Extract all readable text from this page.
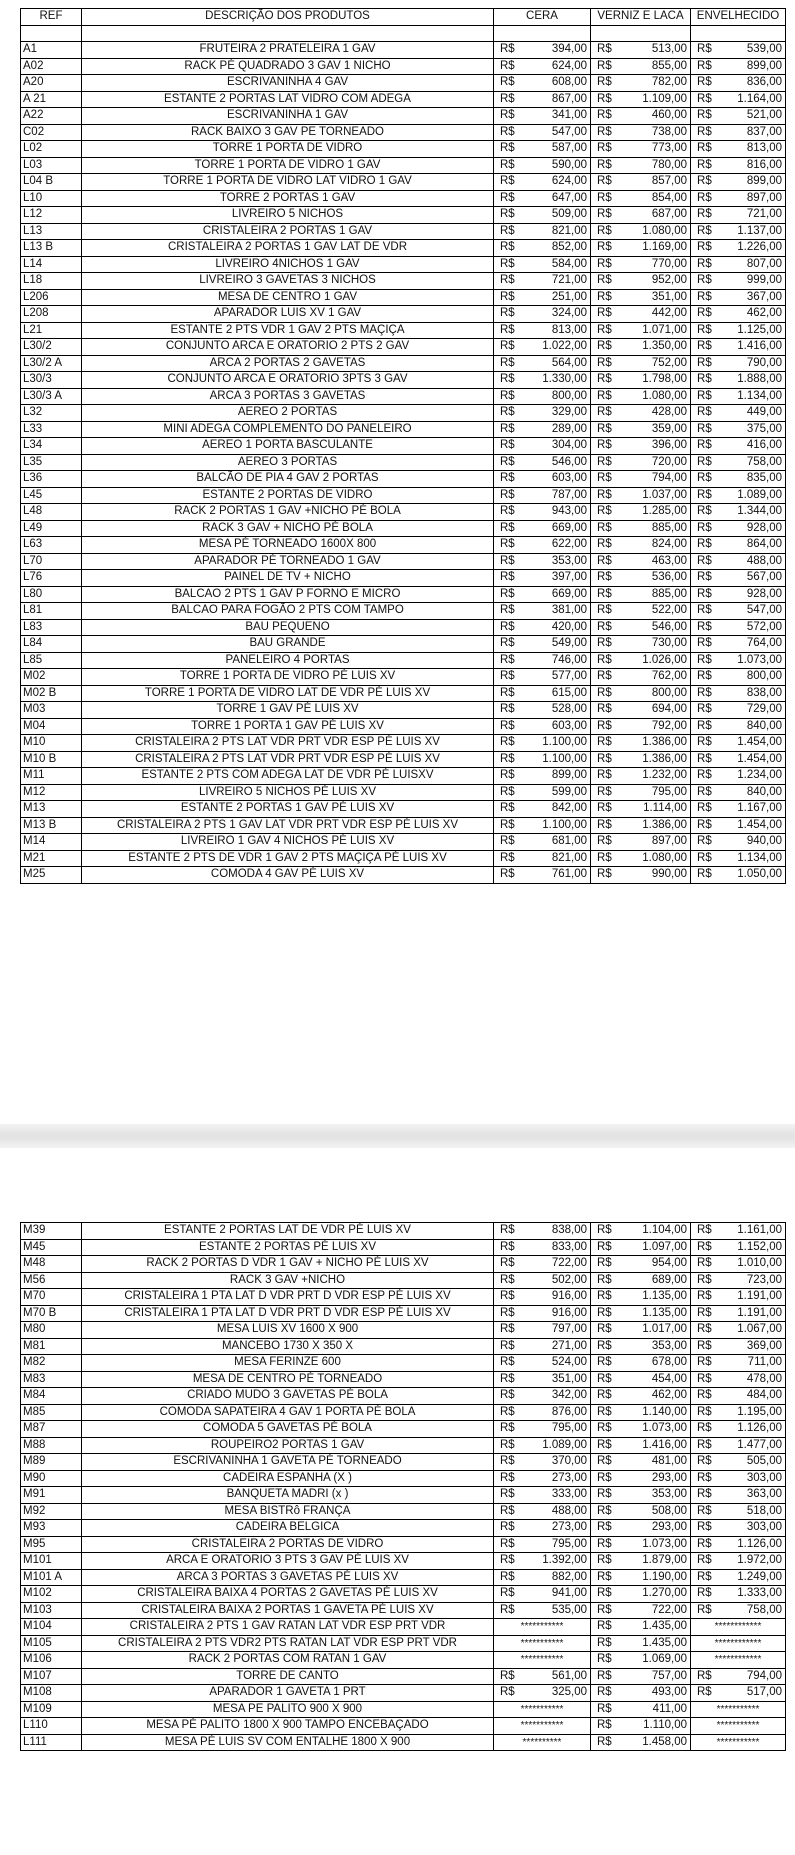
REF	DESCRIÇÃO DOS PRODUTOS	CERA		VERNIZ E LACA		ENVELHECIDO	

A1	FRUTEIRA 2 PRATELEIRA 1 GAV	R$	394,00	R$	513,00	R$	539,00
A02	RACK PÉ QUADRADO 3 GAV 1 NICHO	R$	624,00	R$	855,00	R$	899,00
A20	ESCRIVANINHA 4 GAV	R$	608,00	R$	782,00	R$	836,00
A 21	ESTANTE 2 PORTAS LAT VIDRO COM ADEGA	R$	867,00	R$	1.109,00	R$	1.164,00
A22	ESCRIVANINHA 1 GAV	R$	341,00	R$	460,00	R$	521,00
C02	RACK BAIXO 3 GAV PE TORNEADO	R$	547,00	R$	738,00	R$	837,00
L02	TORRE 1 PORTA DE VIDRO	R$	587,00	R$	773,00	R$	813,00
L03	TORRE 1 PORTA DE VIDRO 1 GAV	R$	590,00	R$	780,00	R$	816,00
L04 B	TORRE 1 PORTA DE VIDRO LAT VIDRO 1 GAV	R$	624,00	R$	857,00	R$	899,00
L10	TORRE 2 PORTAS 1 GAV	R$	647,00	R$	854,00	R$	897,00
L12	LIVREIRO 5 NICHOS	R$	509,00	R$	687,00	R$	721,00
L13	CRISTALEIRA 2 PORTAS 1 GAV	R$	821,00	R$	1.080,00	R$	1.137,00
L13 B	CRISTALEIRA 2 PORTAS 1 GAV LAT DE VDR	R$	852,00	R$	1.169,00	R$	1.226,00
L14	LIVREIRO 4NICHOS 1 GAV	R$	584,00	R$	770,00	R$	807,00
L18	LIVREIRO 3 GAVETAS 3 NICHOS	R$	721,00	R$	952,00	R$	999,00
L206	MESA DE CENTRO 1 GAV	R$	251,00	R$	351,00	R$	367,00
L208	APARADOR LUIS XV 1 GAV	R$	324,00	R$	442,00	R$	462,00
L21	ESTANTE 2 PTS VDR 1 GAV 2 PTS MAÇIÇA	R$	813,00	R$	1.071,00	R$	1.125,00
L30/2	CONJUNTO ARCA E ORATORIO 2 PTS 2 GAV	R$	1.022,00	R$	1.350,00	R$	1.416,00
L30/2 A	ARCA 2 PORTAS 2 GAVETAS	R$	564,00	R$	752,00	R$	790,00
L30/3	CONJUNTO ARCA E ORATORIO 3PTS 3 GAV	R$	1.330,00	R$	1.798,00	R$	1.888,00
L30/3 A	ARCA 3 PORTAS 3 GAVETAS	R$	800,00	R$	1.080,00	R$	1.134,00
L32	AEREO 2 PORTAS	R$	329,00	R$	428,00	R$	449,00
L33	MINI ADEGA COMPLEMENTO DO PANELEIRO	R$	289,00	R$	359,00	R$	375,00
L34	AEREO 1 PORTA BASCULANTE	R$	304,00	R$	396,00	R$	416,00
L35	AEREO 3 PORTAS	R$	546,00	R$	720,00	R$	758,00
L36	BALCÃO DE PIA 4 GAV 2 PORTAS	R$	603,00	R$	794,00	R$	835,00
L45	ESTANTE 2 PORTAS DE VIDRO	R$	787,00	R$	1.037,00	R$	1.089,00
L48	RACK 2 PORTAS 1 GAV +NICHO PÉ BOLA	R$	943,00	R$	1.285,00	R$	1.344,00
L49	RACK 3 GAV + NICHO PÉ BOLA	R$	669,00	R$	885,00	R$	928,00
L63	MESA PÉ TORNEADO 1600X 800	R$	622,00	R$	824,00	R$	864,00
L70	APARADOR PÉ TORNEADO 1 GAV	R$	353,00	R$	463,00	R$	488,00
L76	PAINEL DE TV + NICHO	R$	397,00	R$	536,00	R$	567,00
L80	BALCAO 2 PTS 1 GAV P FORNO E MICRO	R$	669,00	R$	885,00	R$	928,00
L81	BALCAO PARA FOGÃO 2 PTS COM TAMPO	R$	381,00	R$	522,00	R$	547,00
L83	BAU PEQUENO	R$	420,00	R$	546,00	R$	572,00
L84	BAU GRANDE	R$	549,00	R$	730,00	R$	764,00
L85	PANELEIRO 4 PORTAS	R$	746,00	R$	1.026,00	R$	1.073,00
M02	TORRE 1 PORTA DE VIDRO PÉ LUIS XV	R$	577,00	R$	762,00	R$	800,00
M02 B	TORRE 1 PORTA DE VIDRO LAT DE VDR PÉ LUIS XV	R$	615,00	R$	800,00	R$	838,00
M03	TORRE 1 GAV PÉ LUIS XV	R$	528,00	R$	694,00	R$	729,00
M04	TORRE 1 PORTA 1 GAV PÉ LUIS XV	R$	603,00	R$	792,00	R$	840,00
M10	CRISTALEIRA 2 PTS LAT VDR PRT VDR ESP PÉ LUIS XV	R$	1.100,00	R$	1.386,00	R$	1.454,00
M10 B	CRISTALEIRA 2 PTS LAT VDR PRT VDR ESP PÉ LUIS XV	R$	1.100,00	R$	1.386,00	R$	1.454,00
M11	ESTANTE 2 PTS COM ADEGA LAT DE VDR PÉ LUISXV	R$	899,00	R$	1.232,00	R$	1.234,00
M12	LIVREIRO 5 NICHOS PÉ LUIS XV	R$	599,00	R$	795,00	R$	840,00
M13	ESTANTE 2 PORTAS 1 GAV PÉ LUIS XV	R$	842,00	R$	1.114,00	R$	1.167,00
M13 B	CRISTALEIRA 2 PTS 1 GAV LAT VDR PRT VDR ESP PÉ LUIS XV	R$	1.100,00	R$	1.386,00	R$	1.454,00
M14	LIVREIRO 1 GAV 4 NICHOS PÉ LUIS XV	R$	681,00	R$	897,00	R$	940,00
M21	ESTANTE 2 PTS DE VDR 1 GAV 2 PTS MAÇIÇA PÉ LUIS XV	R$	821,00	R$	1.080,00	R$	1.134,00
M25	COMODA 4 GAV PÉ LUIS XV	R$	761,00	R$	990,00	R$	1.050,00
M39	ESTANTE 2 PORTAS LAT DE VDR PÉ LUIS XV	R$	838,00	R$	1.104,00	R$	1.161,00
M45	ESTANTE 2 PORTAS PÉ LUIS XV	R$	833,00	R$	1.097,00	R$	1.152,00
M48	RACK 2 PORTAS D VDR 1 GAV + NICHO PÉ LUIS XV	R$	722,00	R$	954,00	R$	1.010,00
M56	RACK 3 GAV +NICHO	R$	502,00	R$	689,00	R$	723,00
M70	CRISTALEIRA 1 PTA LAT D VDR PRT D VDR ESP PÉ LUIS XV	R$	916,00	R$	1.135,00	R$	1.191,00
M70 B	CRISTALEIRA 1 PTA LAT D VDR PRT D VDR ESP PÉ LUIS XV	R$	916,00	R$	1.135,00	R$	1.191,00
M80	MESA LUIS XV 1600 X 900	R$	797,00	R$	1.017,00	R$	1.067,00
M81	MANCEBO 1730 X 350 X	R$	271,00	R$	353,00	R$	369,00
M82	MESA FERINZE 600	R$	524,00	R$	678,00	R$	711,00
M83	MESA DE CENTRO PÉ TORNEADO	R$	351,00	R$	454,00	R$	478,00
M84	CRIADO MUDO 3 GAVETAS PÉ BOLA	R$	342,00	R$	462,00	R$	484,00
M85	COMODA SAPATEIRA 4 GAV 1 PORTA PÉ BOLA	R$	876,00	R$	1.140,00	R$	1.195,00
M87	COMODA 5 GAVETAS PÉ BOLA	R$	795,00	R$	1.073,00	R$	1.126,00
M88	ROUPEIRO2 PORTAS 1 GAV	R$	1.089,00	R$	1.416,00	R$	1.477,00
M89	ESCRIVANINHA 1 GAVETA PÉ TORNEADO	R$	370,00	R$	481,00	R$	505,00
M90	CADEIRA ESPANHA (X )	R$	273,00	R$	293,00	R$	303,00
M91	BANQUETA MADRI (x )	R$	333,00	R$	353,00	R$	363,00
M92	MESA BISTRô FRANÇA	R$	488,00	R$	508,00	R$	518,00
M93	CADEIRA BELGICA	R$	273,00	R$	293,00	R$	303,00
M95	CRISTALEIRA 2 PORTAS DE VIDRO	R$	795,00	R$	1.073,00	R$	1.126,00
M101	ARCA E ORATORIO 3 PTS 3 GAV PÉ LUIS XV	R$	1.392,00	R$	1.879,00	R$	1.972,00
M101 A	ARCA 3 PORTAS 3 GAVETAS PÉ LUIS XV	R$	882,00	R$	1.190,00	R$	1.249,00
M102	CRISTALEIRA BAIXA 4 PORTAS 2 GAVETAS PÉ LUIS XV	R$	941,00	R$	1.270,00	R$	1.333,00
M103	CRISTALEIRA BAIXA 2 PORTAS 1 GAVETA PÉ LUIS XV	R$	535,00	R$	722,00	R$	758,00
M104	CRISTALEIRA 2 PTS 1 GAV RATAN LAT VDR ESP PRT VDR	***********		R$	1.435,00	************	
M105	CRISTALEIRA 2 PTS VDR2 PTS RATAN LAT VDR ESP PRT VDR	***********		R$	1.435,00	************	
M106	RACK 2 PORTAS COM RATAN 1 GAV	***********		R$	1.069,00	************	
M107	TORRE DE CANTO	R$	561,00	R$	757,00	R$	794,00
M108	APARADOR 1 GAVETA 1 PRT	R$	325,00	R$	493,00	R$	517,00
M109	MESA PE PALITO 900 X 900	***********		R$	411,00	***********	
L110	MESA PÉ PALITO 1800 X 900 TAMPO ENCEBAÇADO	***********		R$	1.110,00	***********	
L111	MESA PÉ LUIS SV COM ENTALHE 1800 X 900	**********		R$	1.458,00	***********	
